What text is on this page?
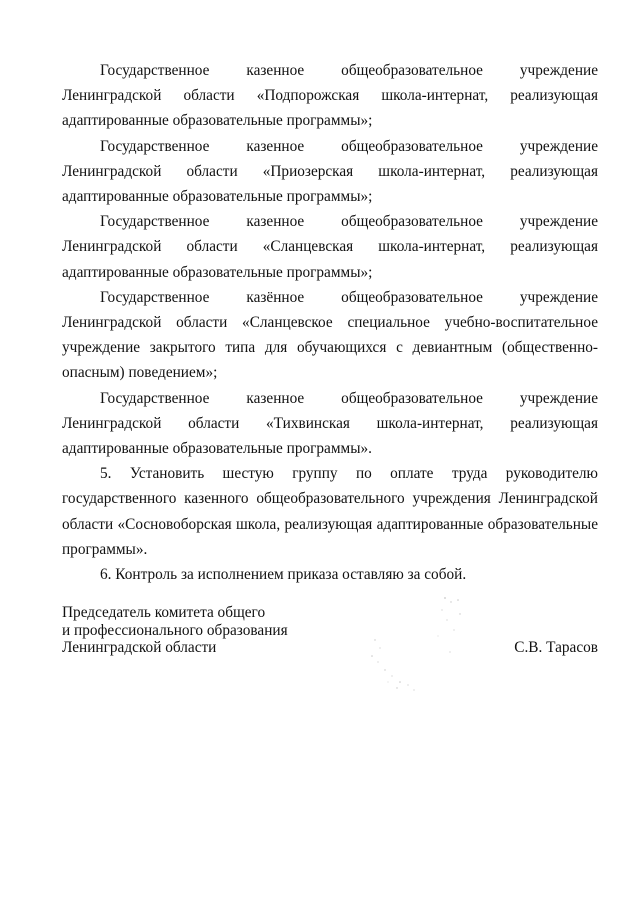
Государственное казенное общеобразовательное учреждение Ленинградской области «Подпорожская школа-интернат, реализующая адаптированные образовательные программы»;

Государственное казенное общеобразовательное учреждение Ленинградской области «Приозерская школа-интернат, реализующая адаптированные образовательные программы»;

Государственное казенное общеобразовательное учреждение Ленинградской области «Сланцевская школа-интернат, реализующая адаптированные образовательные программы»;

Государственное казённое общеобразовательное учреждение Ленинградской области «Сланцевское специальное учебно-воспитательное учреждение закрытого типа для обучающихся с девиантным (общественно-опасным) поведением»;

Государственное казенное общеобразовательное учреждение Ленинградской области «Тихвинская школа-интернат, реализующая адаптированные образовательные программы».

5. Установить шестую группу по оплате труда руководителю государственного казенного общеобразовательного учреждения Ленинградской области «Сосновоборская школа, реализующая адаптированные образовательные программы».

6. Контроль за исполнением приказа оставляю за собой.

Председатель комитета общего
и профессионального образования
Ленинградской области	С.В. Тарасов
